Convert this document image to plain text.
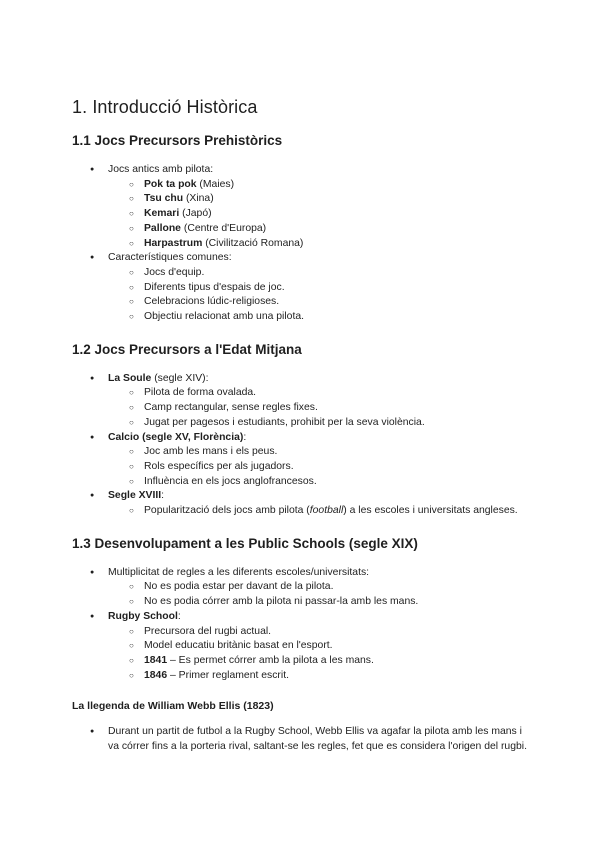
1. Introducció Històrica
1.1 Jocs Precursors Prehistòrics
● Jocs antics amb pilota:
○ Pok ta pok (Maies)
○ Tsu chu (Xina)
○ Kemari (Japó)
○ Pallone (Centre d'Europa)
○ Harpastrum (Civilització Romana)
● Característiques comunes:
○ Jocs d'equip.
○ Diferents tipus d'espais de joc.
○ Celebracions lúdic-religioses.
○ Objectiu relacionat amb una pilota.
1.2 Jocs Precursors a l'Edat Mitjana
● La Soule (segle XIV):
○ Pilota de forma ovalada.
○ Camp rectangular, sense regles fixes.
○ Jugat per pagesos i estudiants, prohibit per la seva violència.
● Calcio (segle XV, Florència):
○ Joc amb les mans i els peus.
○ Rols específics per als jugadors.
○ Influència en els jocs anglofrancesos.
● Segle XVIII:
○ Popularització dels jocs amb pilota (football) a les escoles i universitats angleses.
1.3 Desenvolupament a les Public Schools (segle XIX)
● Multiplicitat de regles a les diferents escoles/universitats:
○ No es podia estar per davant de la pilota.
○ No es podia córrer amb la pilota ni passar-la amb les mans.
● Rugby School:
○ Precursora del rugbi actual.
○ Model educatiu britànic basat en l'esport.
○ 1841 – Es permet córrer amb la pilota a les mans.
○ 1846 – Primer reglament escrit.
La llegenda de William Webb Ellis (1823)
● Durant un partit de futbol a la Rugby School, Webb Ellis va agafar la pilota amb les mans i va córrer fins a la porteria rival, saltant-se les regles, fet que es considera l'origen del rugbi.
